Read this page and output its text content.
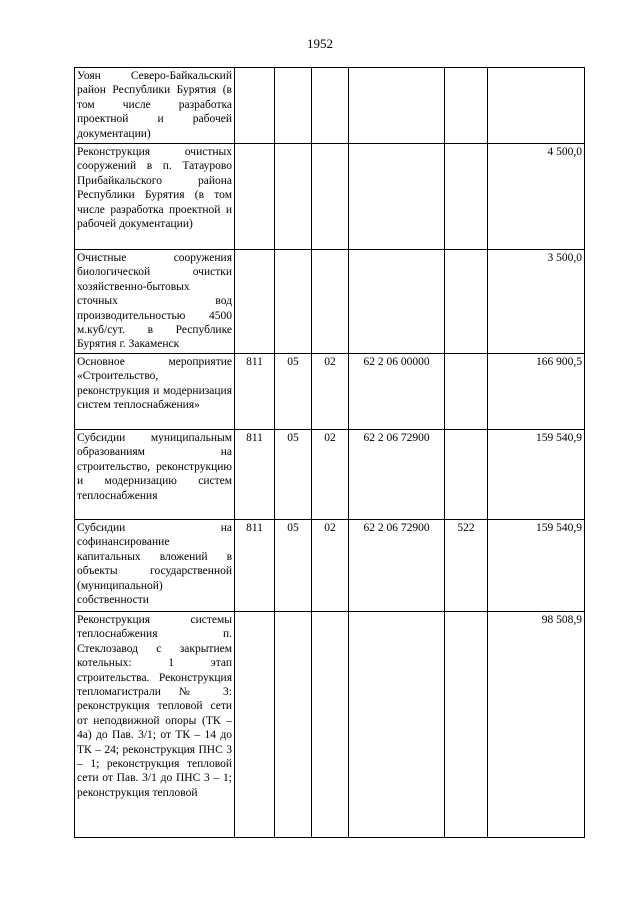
1952
Уоян Северо-Байкальский район Республики Бурятия (в том числе разработка проектной и рабочей документации)						
Реконструкция очистных сооружений в п. Татаурово Прибайкальского района Республики Бурятия (в том числе разработка проектной и рабочей документации)						4 500,0
Очистные сооружения биологической очистки хозяйственно-бытовых сточных вод производительностью 4500 м.куб/сут. в Республике Бурятия г. Закаменск						3 500,0
Основное мероприятие «Строительство, реконструкция и модернизация систем теплоснабжения»	811	05	02	62 2 06 00000		166 900,5
Субсидии муниципальным образованиям на строительство, реконструкцию и модернизацию систем теплоснабжения	811	05	02	62 2 06 72900		159 540,9
Субсидии на софинансирование капитальных вложений в объекты государственной (муниципальной) собственности	811	05	02	62 2 06 72900	522	159 540,9
Реконструкция системы теплоснабжения п. Стеклозавод с закрытием котельных: 1 этап строительства. Реконструкция тепломагистрали № 3: реконструкция тепловой сети от неподвижной опоры (ТК – 4а) до Пав. 3/1; от ТК – 14 до ТК – 24; реконструкция ПНС 3 – 1; реконструкция тепловой сети от Пав. 3/1 до ПНС 3 – 1; реконструкция тепловой						98 508,9
